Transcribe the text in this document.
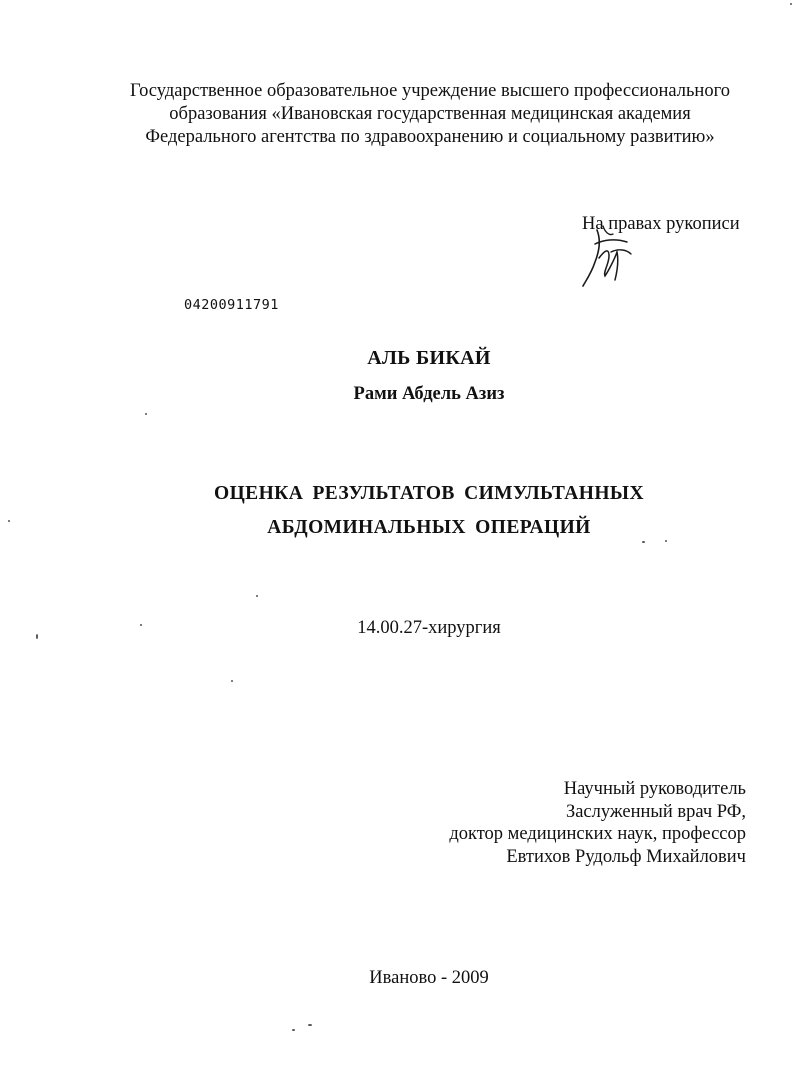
Государственное образовательное учреждение высшего профессионального
образования «Ивановская государственная медицинская академия
Федерального агентства по здравоохранению и социальному развитию»
На правах рукописи
04200911791
АЛЬ БИКАЙ
Рами Абдель Азиз
ОЦЕНКА РЕЗУЛЬТАТОВ СИМУЛЬТАННЫХ
АБДОМИНАЛЬНЫХ ОПЕРАЦИЙ
14.00.27-хирургия
Научный руководитель
Заслуженный врач РФ,
доктор медицинских наук, профессор
Евтихов Рудольф Михайлович
Иваново - 2009
